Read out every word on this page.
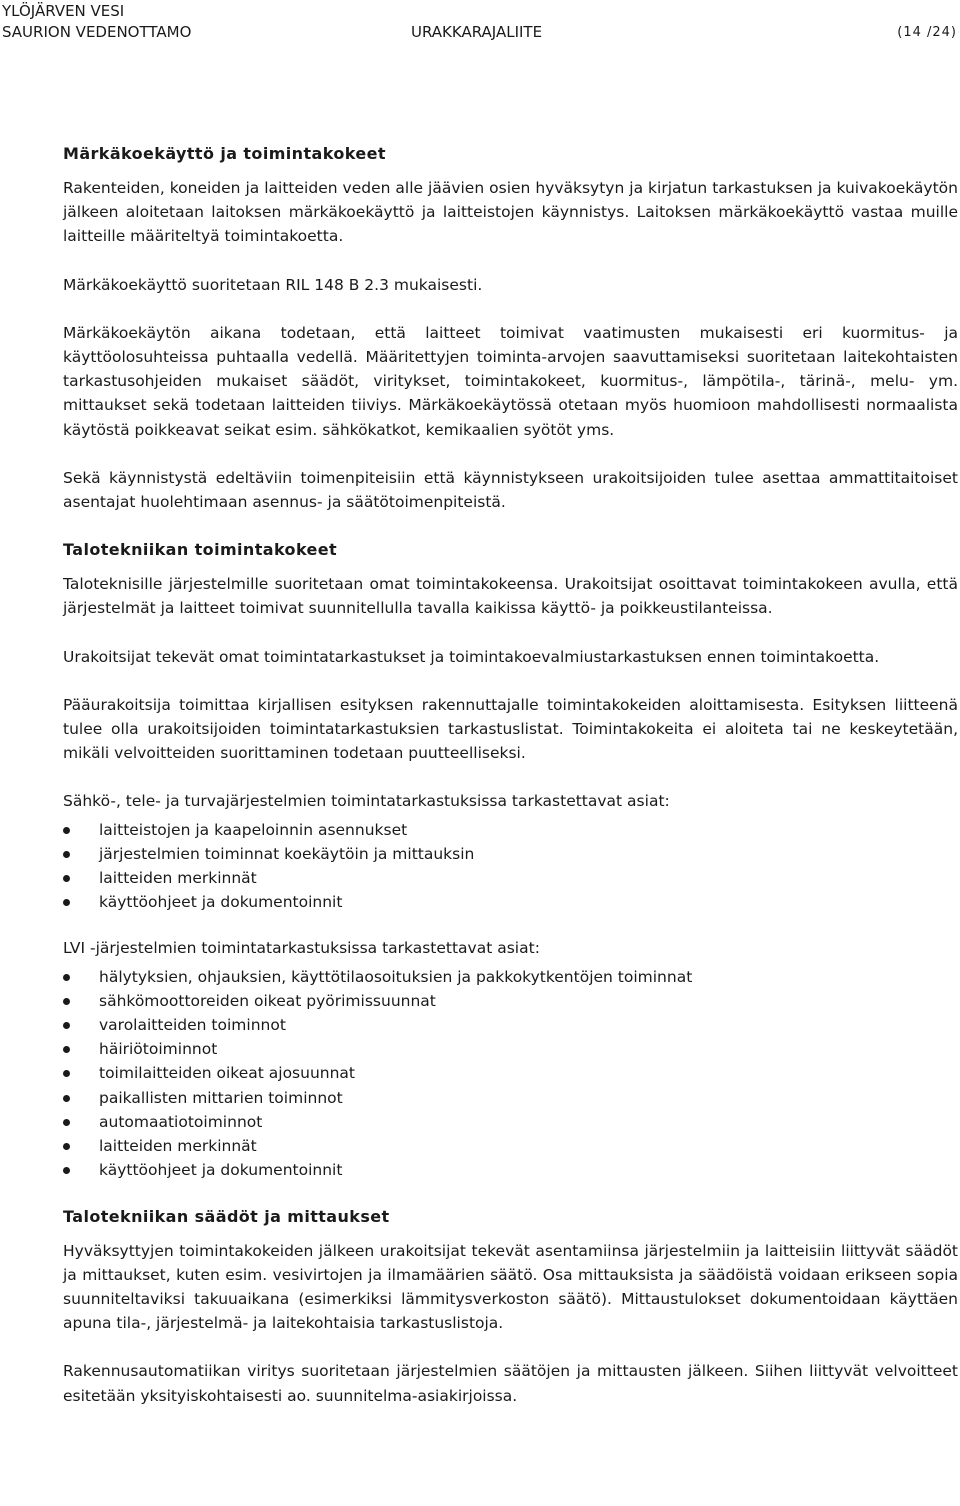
YLÖJÄRVEN VESI
SAURION VEDENOTTAMO	URAKKARAJALIITE	(14 /24)
Märkäkoekäyttö ja toimintakokeet

Rakenteiden, koneiden ja laitteiden veden alle jäävien osien hyväksytyn ja kirjatun tarkastuksen ja kuivakoekäytön jälkeen aloitetaan laitoksen märkäkoekäyttö ja laitteistojen käynnistys. Laitoksen märkäkoekäyttö vastaa muille laitteille määriteltyä toimintakoetta.

Märkäkoekäyttö suoritetaan RIL 148 B 2.3 mukaisesti.

Märkäkoekäytön aikana todetaan, että laitteet toimivat vaatimusten mukaisesti eri kuormitus- ja käyttöolosuhteissa puhtaalla vedellä. Määritettyjen toiminta-arvojen saavuttamiseksi suoritetaan laitekohtaisten tarkastusohjeiden mukaiset säädöt, viritykset, toimintakokeet, kuormitus-, lämpötila-, tärinä-, melu- ym. mittaukset sekä todetaan laitteiden tiiviys. Märkäkoekäytössä otetaan myös huomioon mahdollisesti normaalista käytöstä poikkeavat seikat esim. sähkökatkot, kemikaalien syötöt yms.

Sekä käynnistystä edeltäviin toimenpiteisiin että käynnistykseen urakoitsijoiden tulee asettaa ammattitaitoiset asentajat huolehtimaan asennus- ja säätötoimenpiteistä.

Talotekniikan toimintakokeet

Taloteknisille järjestelmille suoritetaan omat toimintakokeensa. Urakoitsijat osoittavat toimintakokeen avulla, että järjestelmät ja laitteet toimivat suunnitellulla tavalla kaikissa käyttö- ja poikkeustilanteissa.

Urakoitsijat tekevät omat toimintatarkastukset ja toimintakoevalmiustarkastuksen ennen toimintakoetta.

Pääurakoitsija toimittaa kirjallisen esityksen rakennuttajalle toimintakokeiden aloittamisesta. Esityksen liitteenä tulee olla urakoitsijoiden toimintatarkastuksien tarkastuslistat. Toimintakokeita ei aloiteta tai ne keskeytetään, mikäli velvoitteiden suorittaminen todetaan puutteelliseksi.

Sähkö-, tele- ja turvajärjestelmien toimintatarkastuksissa tarkastettavat asiat:

laitteistojen ja kaapeloinnin asennukset
järjestelmien toiminnat koekäytöin ja mittauksin
laitteiden merkinnät
käyttöohjeet ja dokumentoinnit

LVI -järjestelmien toimintatarkastuksissa tarkastettavat asiat:

hälytyksien, ohjauksien, käyttötilaosoituksien ja pakkokytkentöjen toiminnat
sähkömoottoreiden oikeat pyörimissuunnat
varolaitteiden toiminnot
häiriötoiminnot
toimilaitteiden oikeat ajosuunnat
paikallisten mittarien toiminnot
automaatiotoiminnot
laitteiden merkinnät
käyttöohjeet ja dokumentoinnit
Talotekniikan säädöt ja mittaukset

Hyväksyttyjen toimintakokeiden jälkeen urakoitsijat tekevät asentamiinsa järjestelmiin ja laitteisiin liittyvät säädöt ja mittaukset, kuten esim. vesivirtojen ja ilmamäärien säätö. Osa mittauksista ja säädöistä voidaan erikseen sopia suunniteltaviksi takuuaikana (esimerkiksi lämmitysverkoston säätö). Mittaustulokset dokumentoidaan käyttäen apuna tila-, järjestelmä- ja laitekohtaisia tarkastuslistoja.

Rakennusautomatiikan viritys suoritetaan järjestelmien säätöjen ja mittausten jälkeen. Siihen liittyvät velvoitteet esitetään yksityiskohtaisesti ao. suunnitelma-asiakirjoissa.
